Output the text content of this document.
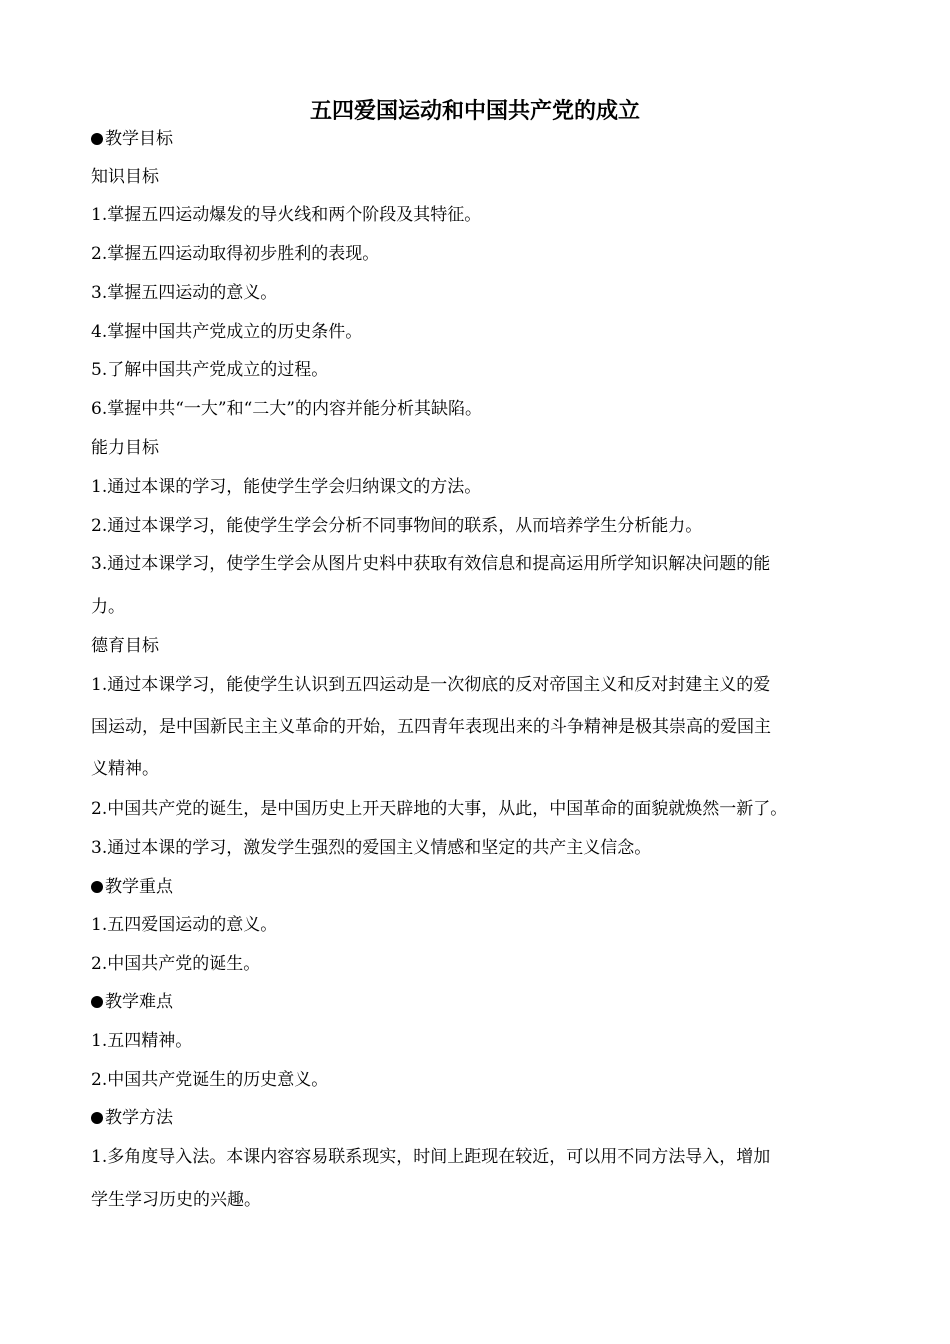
五四爱国运动和中国共产党的成立

教学目标

知识目标

1.掌握五四运动爆发的导火线和两个阶段及其特征。

2.掌握五四运动取得初步胜利的表现。

3.掌握五四运动的意义。

4.掌握中国共产党成立的历史条件。

5.了解中国共产党成立的过程。

6.掌握中共“一大”和“二大”的内容并能分析其缺陷。

能力目标

1.通过本课的学习，能使学生学会归纳课文的方法。

2.通过本课学习，能使学生学会分析不同事物间的联系，从而培养学生分析能力。

3.通过本课学习，使学生学会从图片史料中获取有效信息和提高运用所学知识解决问题的能

力。

德育目标

1.通过本课学习，能使学生认识到五四运动是一次彻底的反对帝国主义和反对封建主义的爱

国运动，是中国新民主主义革命的开始，五四青年表现出来的斗争精神是极其崇高的爱国主

义精神。

2.中国共产党的诞生，是中国历史上开天辟地的大事，从此，中国革命的面貌就焕然一新了。

3.通过本课的学习，激发学生强烈的爱国主义情感和坚定的共产主义信念。

教学重点

1.五四爱国运动的意义。

2.中国共产党的诞生。

教学难点

1.五四精神。

2.中国共产党诞生的历史意义。

教学方法

1.多角度导入法。本课内容容易联系现实，时间上距现在较近，可以用不同方法导入，增加

学生学习历史的兴趣。
